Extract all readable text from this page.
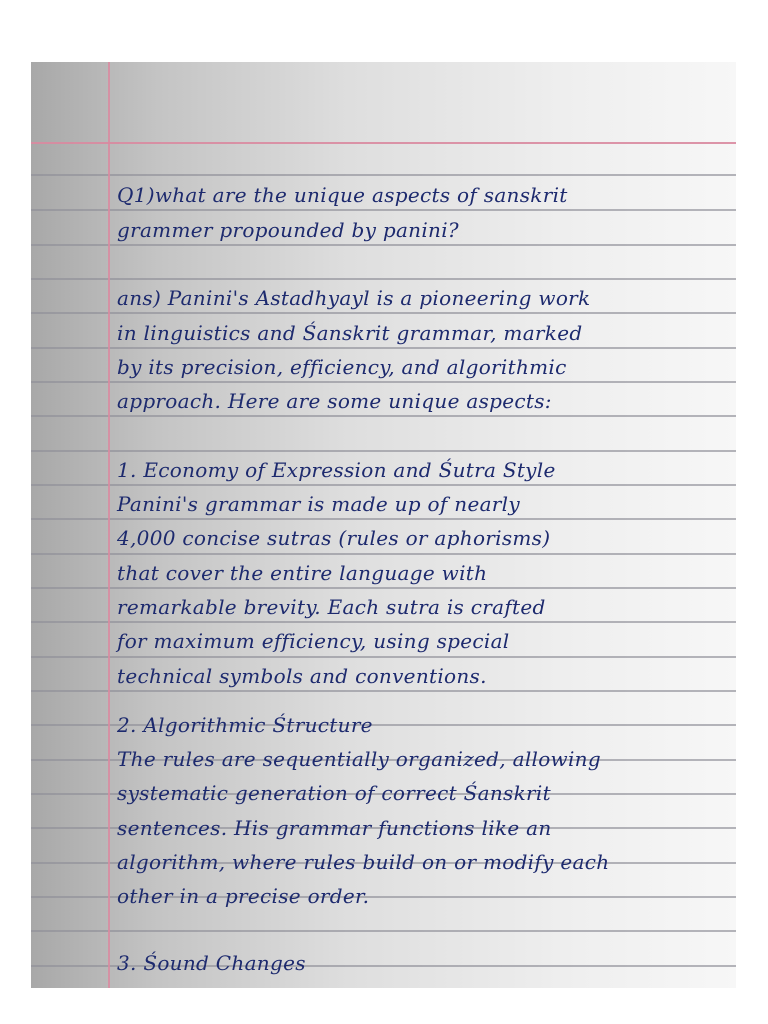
Q1)what are the unique aspects of sanskrit
grammer propounded by panini?
ans) Panini's Astadhyayl is a pioneering work
in linguistics and Śanskrit grammar, marked
by its precision, efficiency, and algorithmic
approach. Here are some unique aspects:
1. Economy of Expression and Śutra Style
Panini's grammar is made up of nearly
4,000 concise sutras (rules or aphorisms)
that cover the entire language with
remarkable brevity. Each sutra is crafted
for maximum efficiency, using special
technical symbols and conventions.
2. Algorithmic Śtructure
The rules are sequentially organized, allowing
systematic generation of correct Śanskrit
sentences. His grammar functions like an
algorithm, where rules build on or modify each
other in a precise order.
3. Śound Changes
